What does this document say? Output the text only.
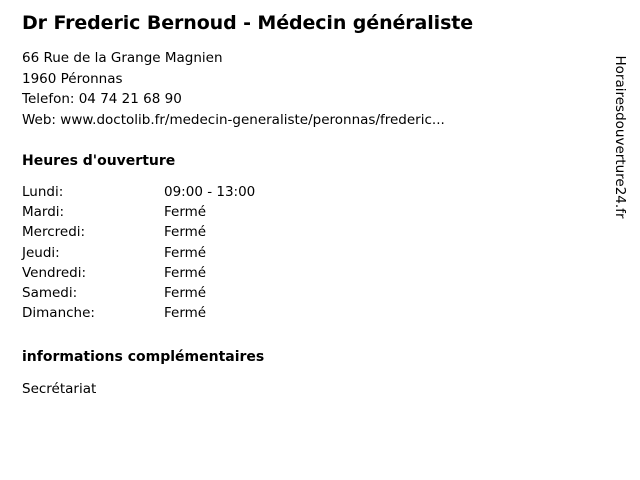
Dr Frederic Bernoud - Médecin généraliste
66 Rue de la Grange Magnien
1960 Péronnas
Telefon: 04 74 21 68 90
Web: www.doctolib.fr/medecin-generaliste/peronnas/frederic...
Heures d'ouverture
Lundi:	09:00 - 13:00
Mardi:	Fermé
Mercredi:	Fermé
Jeudi:	Fermé
Vendredi:	Fermé
Samedi:	Fermé
Dimanche:	Fermé
informations complémentaires
Secrétariat
Horairesdouverture24.fr
